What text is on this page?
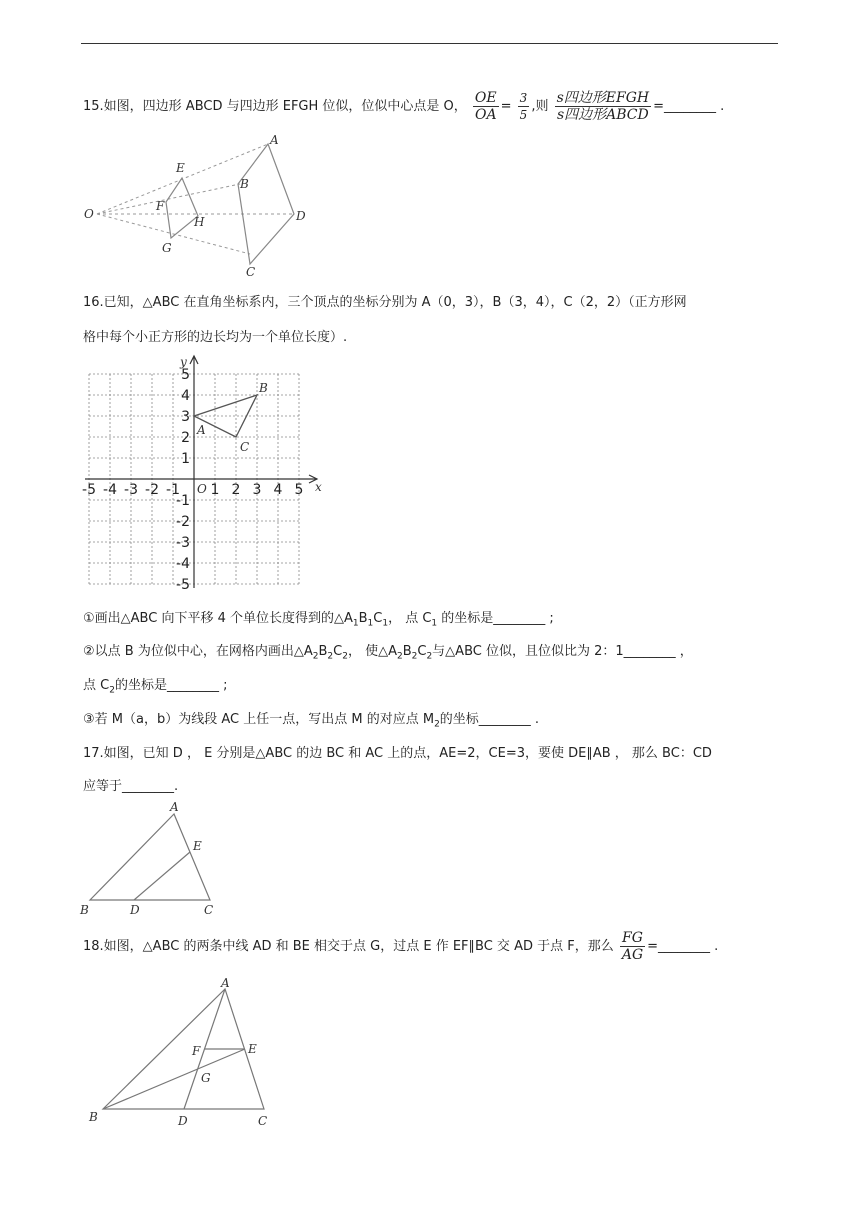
15.如图，四边形 ABCD 与四边形 EFGH 位似，位似中心点是 O， $\frac{OE}{OA} = \frac{3}{5}$ ,则 $\frac{\text{s四边形EFGH}}{\text{s四边形ABCD}}$ =________ .
O
E
F
G
H
A
B
D
C
16.已知，△ABC 在直角坐标系内，三个顶点的坐标分别为 A（0，3），B（3，4），C（2，2）（正方形网
格中每个小正方形的边长均为一个单位长度）.
x
y
O
-5 -4 -3 -2 -1 1 2 3 4 5
5
4
3
2
1
-1
-2
-3
-4
-5
A
B
C
①画出△ABC 向下平移 4 个单位长度得到的$\triangle A_1B_1C_1$， 点 $C_1$ 的坐标是________ ;
②以点 B 为位似中心，在网格内画出$\triangle A_2B_2C_2$， 使$\triangle A_2B_2C_2$与△ABC 位似，且位似比为 2：1________ ，
点 $C_2$的坐标是________ ;
③若 M（a，b）为线段 AC 上任一点，写出点 M 的对应点 $M_2$的坐标________ .
17.如图，已知 D ， E 分别是△ABC 的边 BC 和 AC 上的点，AE=2，CE=3，要使 DE∥AB ， 那么 BC：CD
应等于________.
A
E
B	D	C
18.如图，△ABC 的两条中线 AD 和 BE 相交于点 G，过点 E 作 EF∥BC 交 AD 于点 F，那么 $\frac{FG}{AG}$ =________ .
A
F	E
G
B	D	C
